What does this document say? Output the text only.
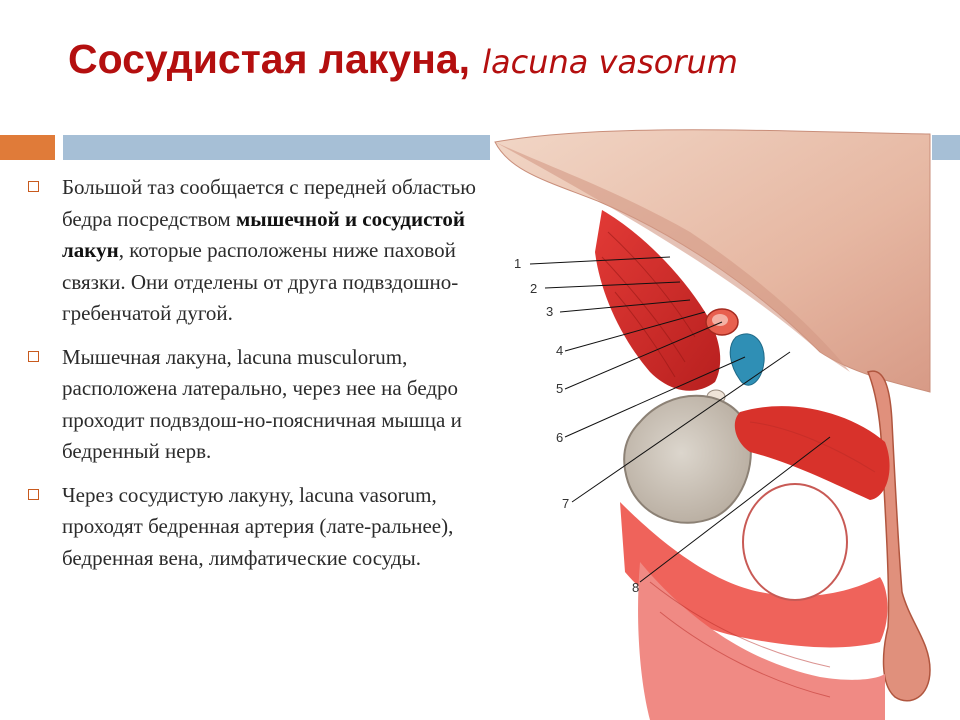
Сосудистая лакуна, lacuna vasorum
Большой таз сообщается с передней областью бедра посредством мышечной и сосудистой лакун, которые расположены ниже паховой связки. Они отделены от друга подвздошно-гребенчатой дугой.
Мышечная лакуна, lacuna musculorum, расположена латерально, через нее на бедро проходит подвздош-но-поясничная мышца и бедренный нерв.
Через сосудистую лакуну, lacuna vasorum, проходят бедренная артерия (лате-ральнее), бедренная вена, лимфатические сосуды.
1
2
3
4
5
6
7
8
